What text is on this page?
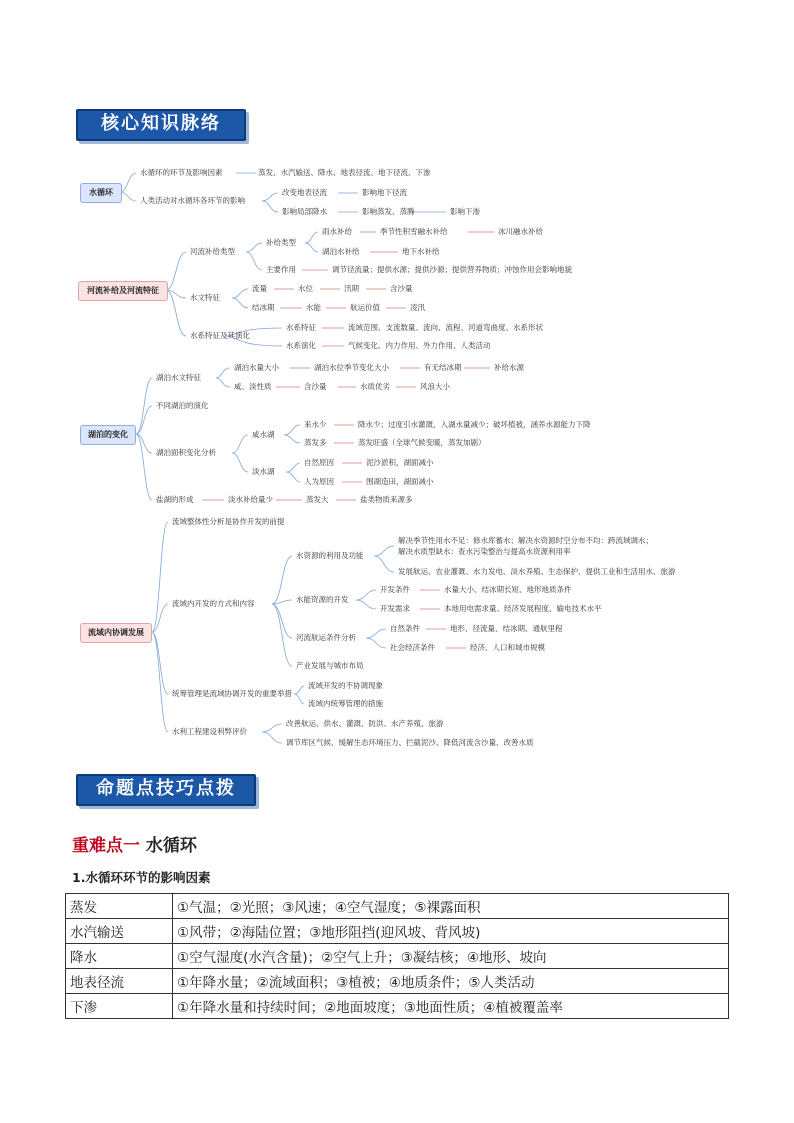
核心知识脉络
水循环
水循环的环节及影响因素	蒸发、水汽输送、降水、地表径流、地下径流、下渗
人类活动对水循环各环节的影响
改变地表径流	影响地下径流
影响局部降水	影响蒸发、蒸腾	影响下渗
河流补给及河流特征
河流补给类型
补给类型
雨水补给	季节性积雪融水补给	冰川融水补给
湖泊水补给	地下水补给
主要作用	调节径流量；提供水源；提供沙源；提供营养物质；冲蚀作用会影响地貌
水文特征
流量	水位	汛期	含沙量
结冰期	水能	航运价值	凌汛
水系特征及其演化
水系特征	流域范围、支流数量、流向、流程、河道弯曲度、水系形状
水系演化	气候变化、内力作用、外力作用、人类活动
湖泊的变化
湖泊水文特征
湖泊水量大小	湖泊水位季节变化大小	有无结冰期	补给水源
咸、淡性质	含沙量	水质优劣	风浪大小
不同湖泊的演化
湖泊面积变化分析
咸水湖
来水少	降水少；过度引水灌溉，入湖水量减少；破坏植被，涵养水源能力下降
蒸发多	蒸发旺盛（全球气候变暖，蒸发加剧）
淡水湖
自然原因	泥沙淤积，湖面减小
人为原因	围湖造田，湖面减小
盐湖的形成	淡水补给量少	蒸发大	盐类物质来源多
流域内协调发展
流域整体性分析是协作开发的前提
流域内开发的方式和内容
水资源的利用及功能
解决季节性用水不足：修水库蓄水；解决水资源时空分布不均：跨流域调水；
解决水质型缺水：查水污染整治与提高水资源利用率
发展航运、农业灌溉、水力发电、淡水养殖、生态保护、提供工业和生活用水、旅游
水能资源的开发
开发条件	水量大小、结冰期长短、地形地质条件
开发需求	本地用电需求量、经济发展程度、输电技术水平
河流航运条件分析
自然条件	地形、径流量、结冰期、通航里程
社会经济条件	经济、人口和城市规模
产业发展与城市布局
统筹管理是流域协调开发的重要举措
流域开发的不协调现象
流域内统筹管理的措施
水利工程建设利弊评价
改善航运、供水、灌溉、防洪、水产养殖、旅游
调节库区气候、缓解生态环境压力、拦截泥沙、降低河流含沙量、改善水质
命题点技巧点拨
重难点一 水循环
1.水循环环节的影响因素
蒸发	①气温；②光照；③风速；④空气湿度；⑤裸露面积
水汽输送	①风带；②海陆位置；③地形阻挡(迎风坡、背风坡)
降水	①空气湿度(水汽含量)；②空气上升；③凝结核；④地形、坡向
地表径流	①年降水量；②流域面积；③植被；④地质条件；⑤人类活动
下渗	①年降水量和持续时间；②地面坡度；③地面性质；④植被覆盖率
